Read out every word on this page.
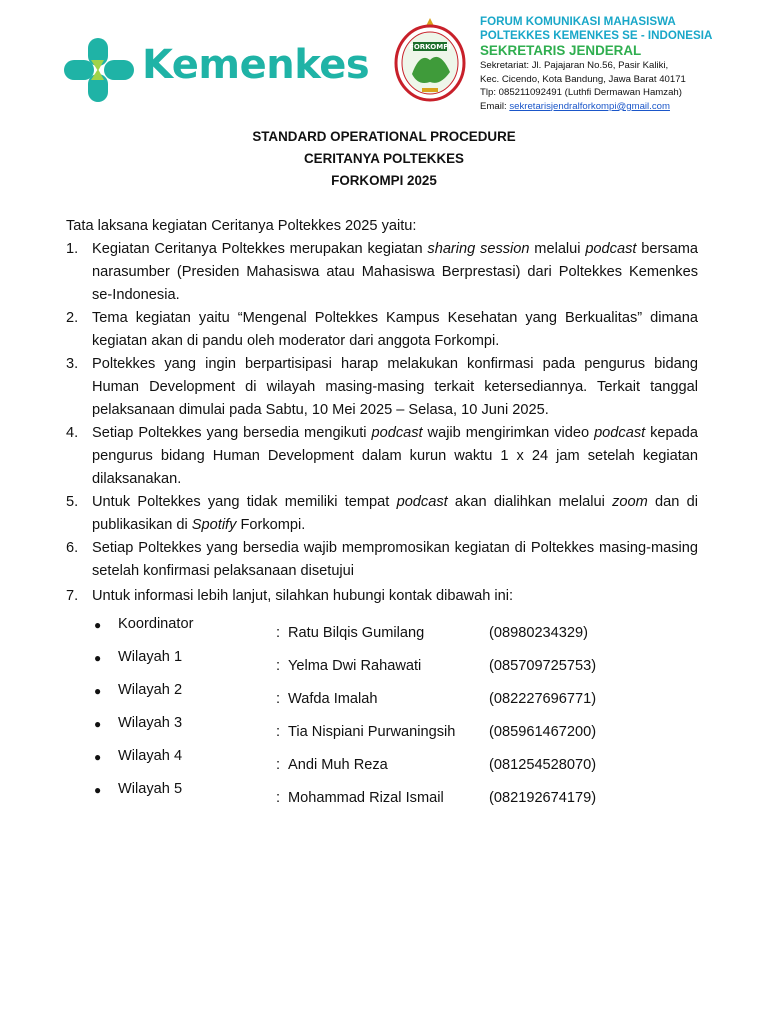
Kemenkes	FORKOMPI
FORUM KOMUNIKASI MAHASISWA
POLTEKKES KEMENKES SE - INDONESIA
SEKRETARIS JENDERAL
Sekretariat: Jl. Pajajaran No.56, Pasir Kaliki,
Kec. Cicendo, Kota Bandung, Jawa Barat 40171
Tlp: 085211092491 (Luthfi Dermawan Hamzah)
Email: sekretarisjendralforkompi@gmail.com
STANDARD OPERATIONAL PROCEDURE
CERITANYA POLTEKKES
FORKOMPI 2025
Tata laksana kegiatan Ceritanya Poltekkes 2025 yaitu:
1. Kegiatan Ceritanya Poltekkes merupakan kegiatan sharing session melalui podcast bersama narasumber (Presiden Mahasiswa atau Mahasiswa Berprestasi) dari Poltekkes Kemenkes se-Indonesia.
2. Tema kegiatan yaitu “Mengenal Poltekkes Kampus Kesehatan yang Berkualitas” dimana kegiatan akan di pandu oleh moderator dari anggota Forkompi.
3. Poltekkes yang ingin berpartisipasi harap melakukan konfirmasi pada pengurus bidang Human Development di wilayah masing-masing terkait ketersediannya. Terkait tanggal pelaksanaan dimulai pada Sabtu, 10 Mei 2025 – Selasa, 10 Juni 2025.
4. Setiap Poltekkes yang bersedia mengikuti podcast wajib mengirimkan video podcast kepada pengurus bidang Human Development dalam kurun waktu 1 x 24 jam setelah kegiatan dilaksanakan.
5. Untuk Poltekkes yang tidak memiliki tempat podcast akan dialihkan melalui zoom dan di publikasikan di Spotify Forkompi.
6. Setiap Poltekkes yang bersedia wajib mempromosikan kegiatan di Poltekkes masing-masing setelah konfirmasi pelaksanaan disetujui
7. Untuk informasi lebih lanjut, silahkan hubungi kontak dibawah ini:
● Koordinator
: Ratu Bilqis Gumilang	(08980234329)
● Wilayah 1
: Yelma Dwi Rahawati	(085709725753)
● Wilayah 2
: Wafda Imalah	(082227696771)
● Wilayah 3
: Tia Nispiani Purwaningsih (085961467200)
● Wilayah 4
: Andi Muh Reza	(081254528070)
● Wilayah 5
: Mohammad Rizal Ismail	(082192674179)
